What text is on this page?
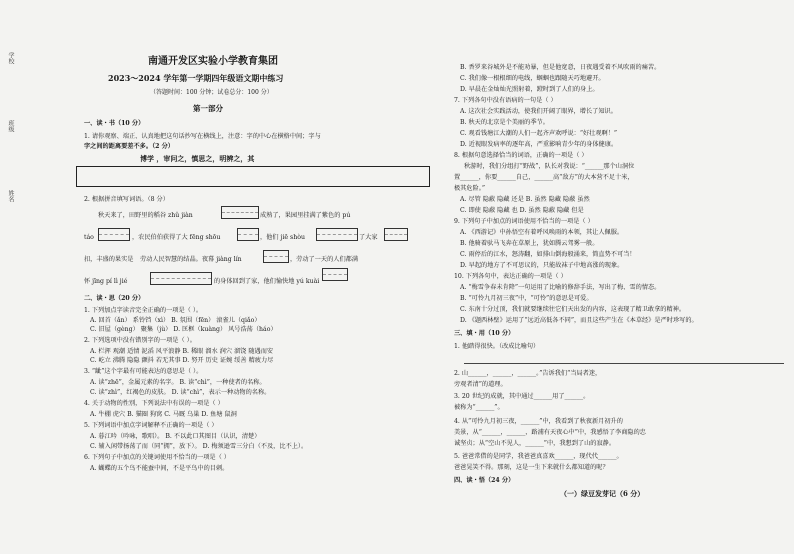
学校
班级
姓名
南通开发区实验小学教育集团
2023～2024 学年第一学期四年级语文期中练习
（答题时间：100 分钟；试卷总分：100 分）
第一部分
一、读・书（10 分）
1. 请你观察、端正、认真地把这句话抄写在横线上，注意：字的中心在横格中间；字与
字之间的距离要差不多。（2 分）
博学 ，审问之，慎思之，明辨之，其
2. 根据拼音填写词语。（8 分）
秋天来了，田野里的稻谷 zhǔ jiàn	成熟了，果园里挂满了紫色的 pú
táo	，农民伯伯获得了大 fēng shōu	，他们 jiē shòu	了大家
扣，丰盛的果实是 劳动人民智慧的结晶。夜幕 jiàng lín	，劳动了一天的人们都满
怀 jīng pí lì jié	的身体回到了家，他们愉快地 yú kuài
二、读・思（20 分）
1. 下列加点字读音完全正确的一项是（ ）。
A. 回首（ǎn） 系铃铛（xì） B. 氛围（fēn） 滚雀儿（qiǎo）
C. 旧屋（gèng） 聚集（jù） D. 匡框（kuàng） 风号浩荡（háo）
2. 下列选项中没有错别字的一项是（ ）。
A. 栏挥 观潮 适情 泥滔 风平浪静 B. 稀眼 溜水 润穴 溜饶 随遇而安
C. 屹立 沸腾 隐隐 颤抖 若无其事 D. 努开 历史 证婉 绥善 精疲力尽
3. “龇”这个字最有可能表达的意思是（ ）。
A. 读“zhē”，金属元素的名字。 B. 读“chì”，一种使者的名称。
C. 读“zhì”，红褐色的皮肤。 D. 读“chì”，表示一种动物的名称。
4. 关于动物的性別，下列说法中有误的一项是（ ）
A. 牛棚 虎穴 B. 猫圈 狗窝 C. 马厩 乌巢 D. 鱼塘 鼠洞
5. 下列词语中加点字词解释不正确的一项是（ ）
A. 暮江吟（吟咏，歌唱）。 B. 不以此口其图目（认识，清楚）
C. 辅入闲带扬荡了而（同“拥”，放下）。 D. 梅须逊雪三分白（不及，比不上）。
6. 下列句子中加点的关键词使用不恰当的一项是（ ）
A. 蝴蝶的五个鸟不能蚕中间，不是平鸟中的目刺。
B. 香罗来谷城外是不能劝暴，但是他宽意，日夜遇受着不风吹雨的痛苦。
C. 我们像一根根细的电线，蝈蝈也跟随天巧地避开。
D. 早晨在金灿灿光照射着，蹬时到了人们的身上。
7. 下列各句中没有语病的一句是（ ）
A. 这次社会实践活动，使我们开阔了眼界，增长了知识。
B. 秋天的北京是个美丽的季节。
C. 观看钱塘江大潮的人们一起齐声欢呼说：“好壮观啊！”
D. 近视眼发病率的逐年高，严重影响青少年的身体健康。
8. 根据句意选择恰当的词语，正确的一项是（ ）
秋游时，我们分组打“野战”，队长对我说：“______那个山洞位
置______，你要______自己，______高“敌方”的大本营不足十米，
极其危险。”
A. 尽管 隐蔽 隐藏 还是 B. 虽然 隐藏 隐蔽 虽然
C. 即使 隐蔽 隐藏 也 D. 虽然 隐蔽 隐藏 但是
9. 下列句子中加点的词语使用不恰当的一项是（ ）
A. 《西游记》中孙悟空有着呼风唤雨的本领，其让人佩服。
B. 他骑着驮马飞奔在草原上，犹如腾云驾雾一般。
C. 雨停后的江水，怒涛翻，如排山倒海般涌来，简直势不可当！
D. 早起的地方了不可思议的，只能故袜子中地高涨的现象。
10. 下列各句中，表达正确的一项是（ ）
A. “梅雪争春未肯降”一句运用了比喻的修辞手法，写出了梅、雪的情态。
B. “可怜九月初三夜”中，“可怜”的意思是可爱。
C. 东南十分过顶，我们就要继续往它们天出发的内容，这表现了精卫敢拿的精神。
D. 《题西林壁》运用了“远近高低各不同”，而且这些产生在《本草经》是严时珍写的。
三、填・用（10 分）
1. 他踏得很快。（改成比喻句）
2. 山______，______，______。”告诉我们“当局者迷，
旁观者清”的道理。
3. 20 世纪的成就，其中通过______用了______。
被称为“______”。
4. 从“可怜九月初三夜，______”中，我看到了秋夜新月初升的
美景，从“______，______，路浦有天夜心中”中，我感悟了李商隐的忠
诚坚贞；从“空山不见人，______”中，我想到了山的寂静。
5. 爸爸常借的是同学，我爸爸真喜欢______，现代代______。
爸爸晃笑不得。那刻，这是一生下来就什么都知道的呢？
四、读・悟（24 分）
（一）绿豆发芽记（6 分）
